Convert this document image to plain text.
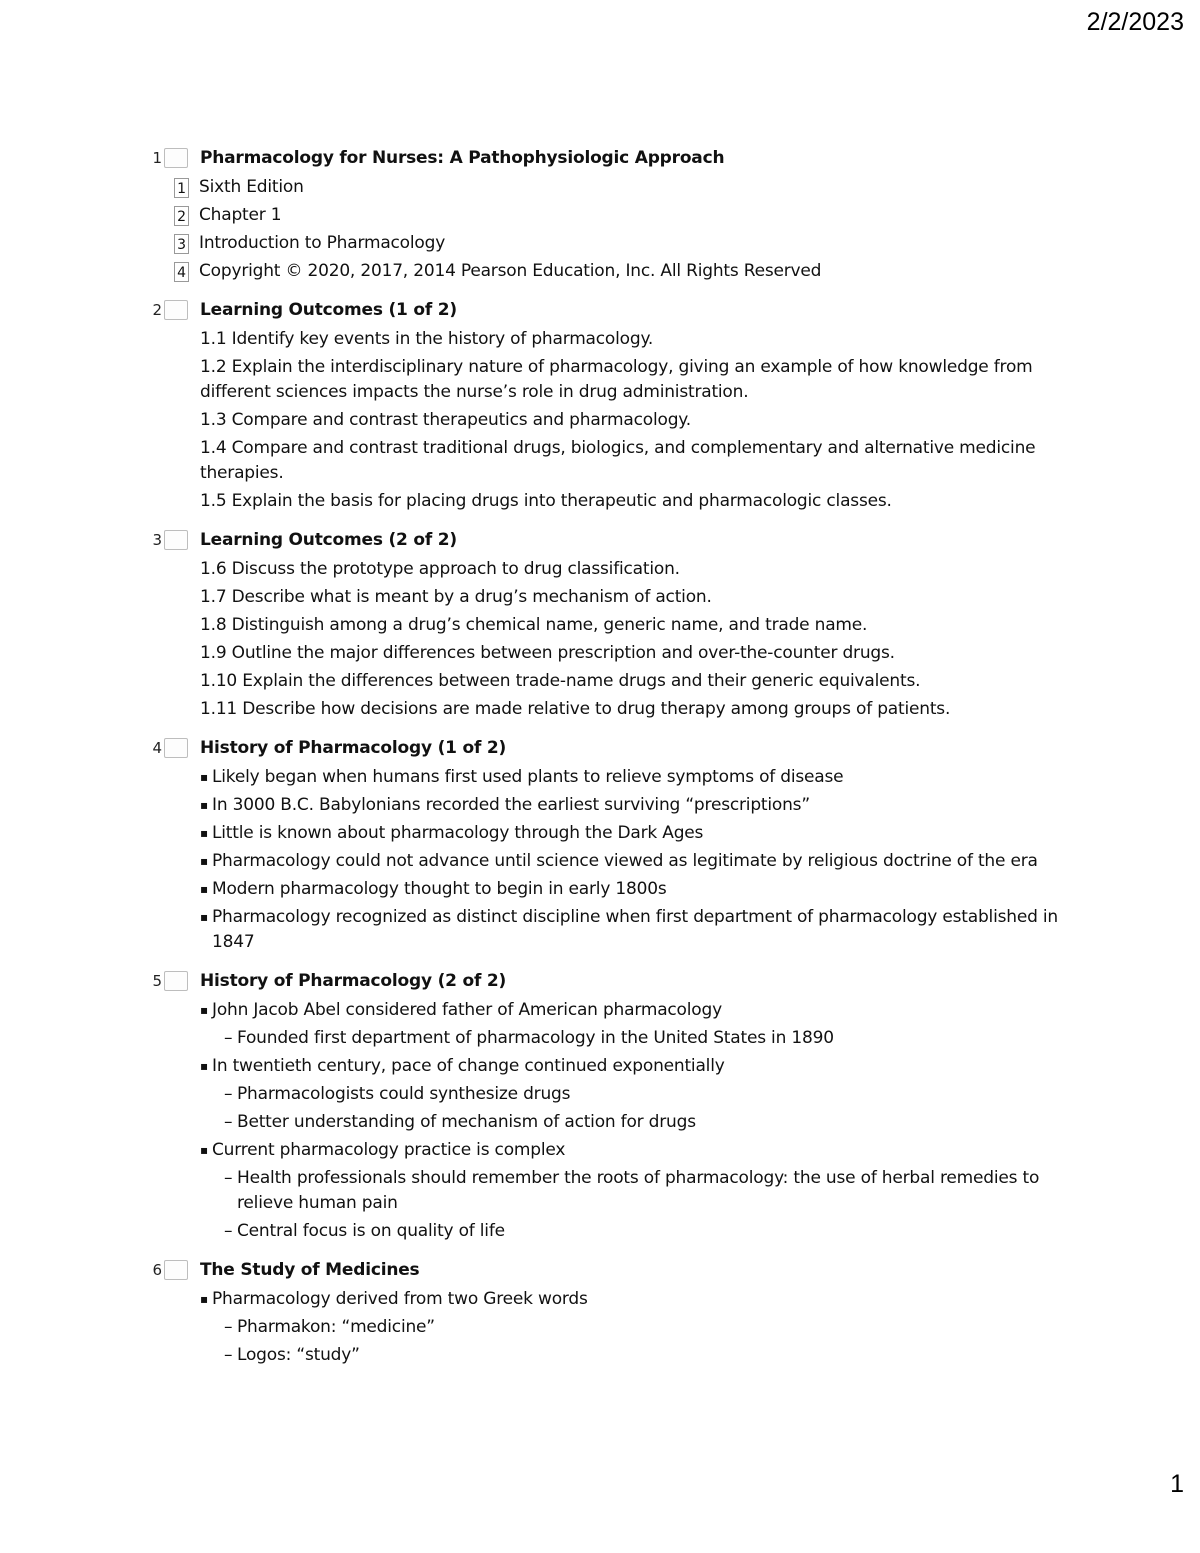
2/2/2023
1 Pharmacology for Nurses: A Pathophysiologic Approach
1 Sixth Edition
2 Chapter 1
3 Introduction to Pharmacology
4 Copyright © 2020, 2017, 2014 Pearson Education, Inc. All Rights Reserved
2 Learning Outcomes (1 of 2)
1.1 Identify key events in the history of pharmacology.
1.2 Explain the interdisciplinary nature of pharmacology, giving an example of how knowledge from different sciences impacts the nurse’s role in drug administration.
1.3 Compare and contrast therapeutics and pharmacology.
1.4 Compare and contrast traditional drugs, biologics, and complementary and alternative medicine therapies.
1.5 Explain the basis for placing drugs into therapeutic and pharmacologic classes.
3 Learning Outcomes (2 of 2)
1.6 Discuss the prototype approach to drug classification.
1.7 Describe what is meant by a drug’s mechanism of action.
1.8 Distinguish among a drug’s chemical name, generic name, and trade name.
1.9 Outline the major differences between prescription and over-the-counter drugs.
1.10 Explain the differences between trade-name drugs and their generic equivalents.
1.11 Describe how decisions are made relative to drug therapy among groups of patients.
4 History of Pharmacology (1 of 2)
▪ Likely began when humans first used plants to relieve symptoms of disease
▪ In 3000 B.C. Babylonians recorded the earliest surviving “prescriptions”
▪ Little is known about pharmacology through the Dark Ages
▪ Pharmacology could not advance until science viewed as legitimate by religious doctrine of the era
▪ Modern pharmacology thought to begin in early 1800s
▪ Pharmacology recognized as distinct discipline when first department of pharmacology established in 1847
5 History of Pharmacology (2 of 2)
▪ John Jacob Abel considered father of American pharmacology
– Founded first department of pharmacology in the United States in 1890
▪ In twentieth century, pace of change continued exponentially
– Pharmacologists could synthesize drugs
– Better understanding of mechanism of action for drugs
▪ Current pharmacology practice is complex
– Health professionals should remember the roots of pharmacology: the use of herbal remedies to relieve human pain
– Central focus is on quality of life
6 The Study of Medicines
▪ Pharmacology derived from two Greek words
– Pharmakon: “medicine”
– Logos: “study”
1
